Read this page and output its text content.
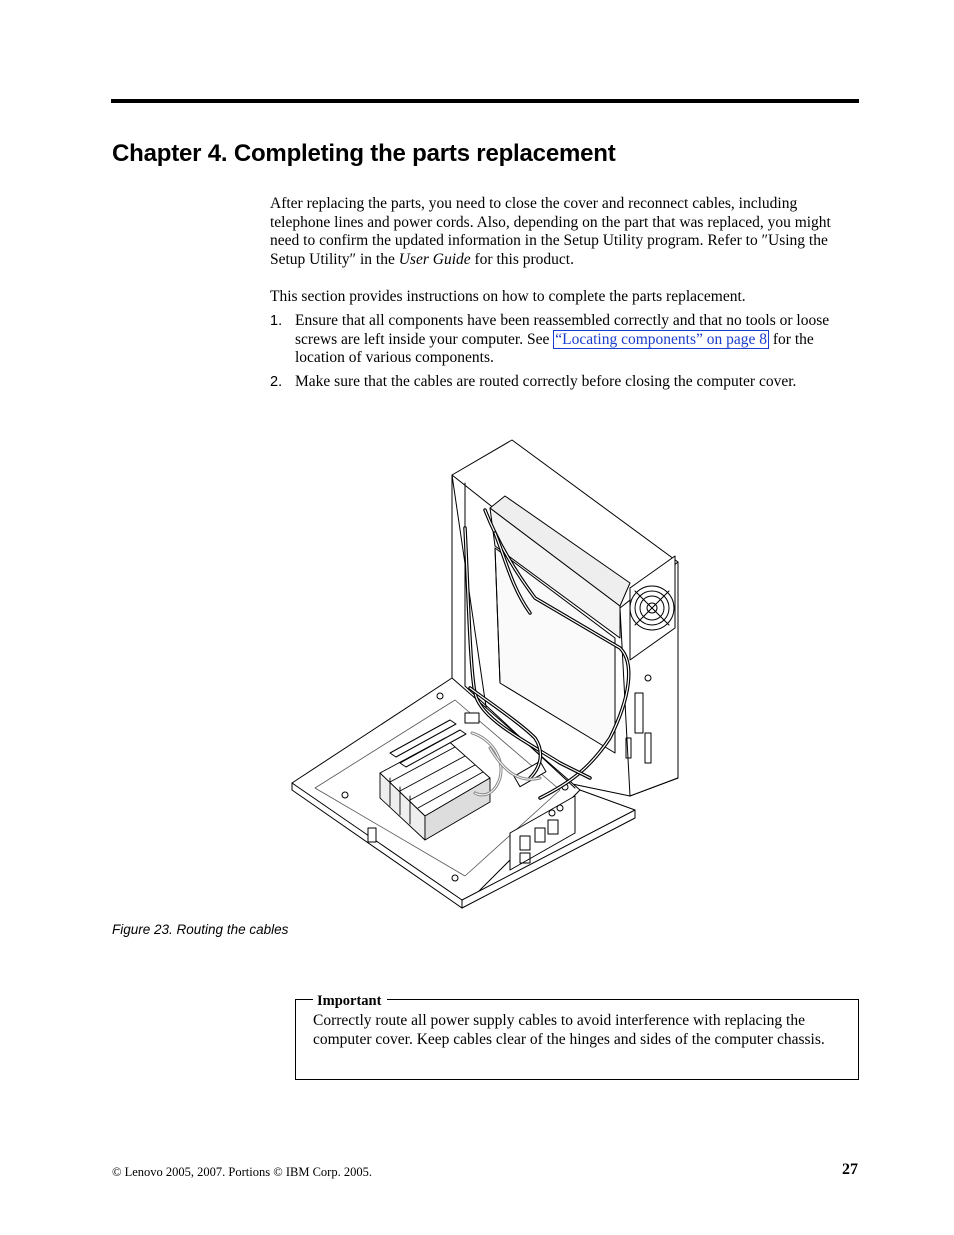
Chapter 4. Completing the parts replacement
After replacing the parts, you need to close the cover and reconnect cables, including telephone lines and power cords. Also, depending on the part that was replaced, you might need to confirm the updated information in the Setup Utility program. Refer to ″Using the Setup Utility″ in the User Guide for this product.
This section provides instructions on how to complete the parts replacement.
1. Ensure that all components have been reassembled correctly and that no tools or loose screws are left inside your computer. See “Locating components” on page 8 for the location of various components.
2. Make sure that the cables are routed correctly before closing the computer cover.
Figure 23. Routing the cables
Important
Correctly route all power supply cables to avoid interference with replacing the computer cover. Keep cables clear of the hinges and sides of the computer chassis.
© Lenovo 2005, 2007. Portions © IBM Corp. 2005.	27
